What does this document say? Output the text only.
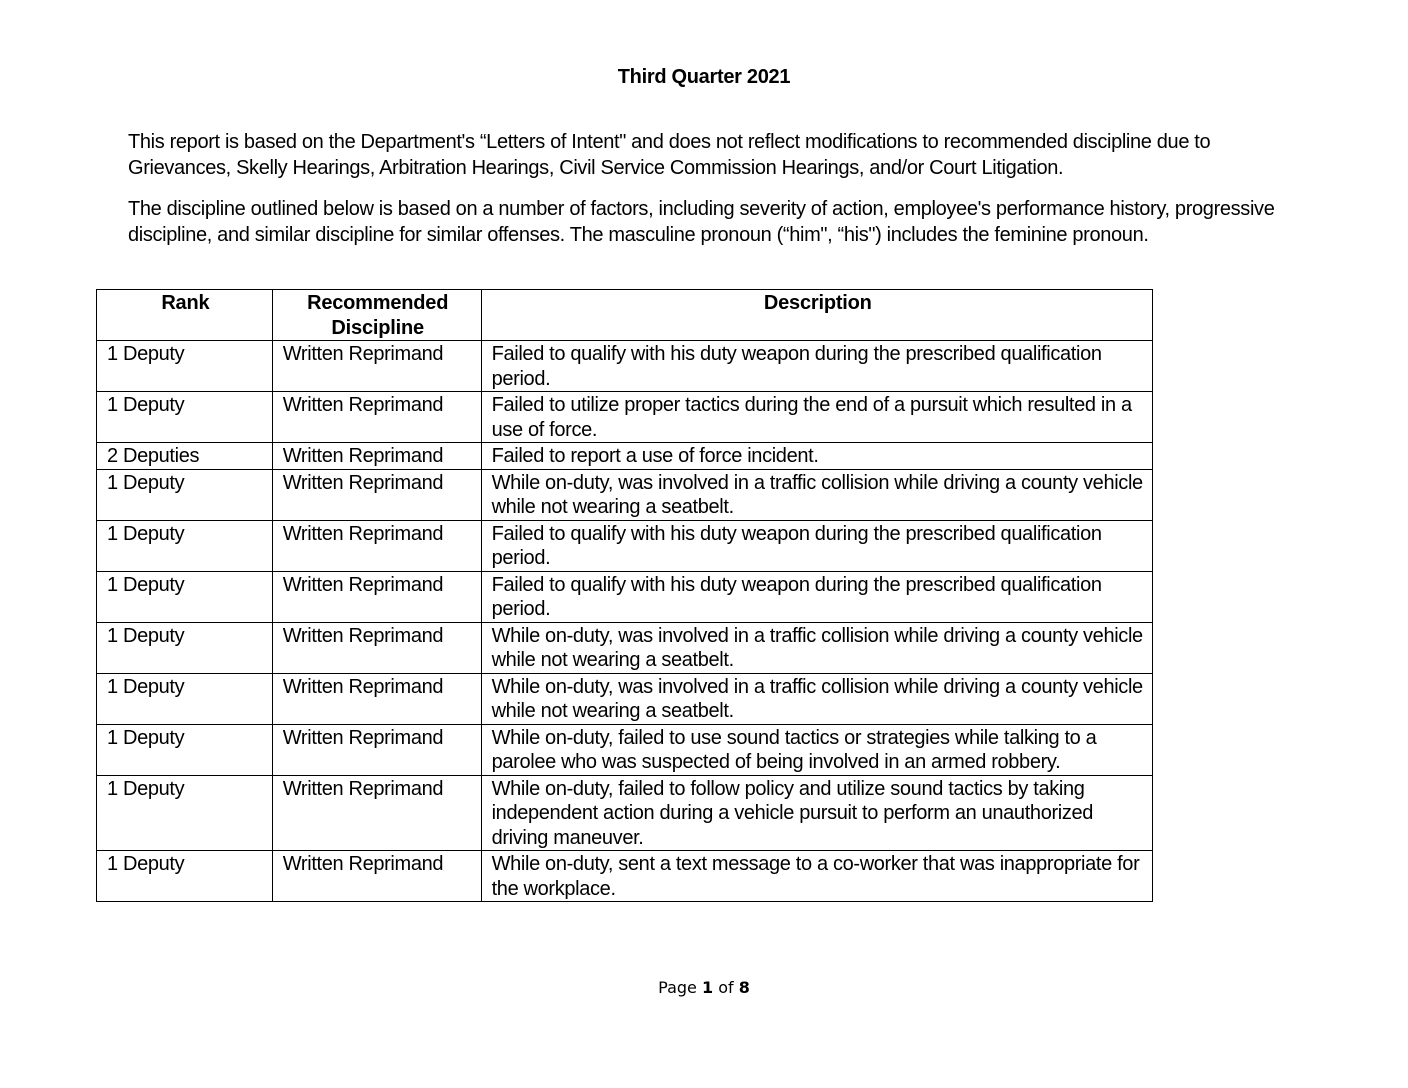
Third Quarter 2021
This report is based on the Department's “Letters of Intent" and does not reflect modifications to recommended discipline due to Grievances, Skelly Hearings, Arbitration Hearings, Civil Service Commission Hearings, and/or Court Litigation.
The discipline outlined below is based on a number of factors, including severity of action, employee's performance history, progressive discipline, and similar discipline for similar offenses. The masculine pronoun (“him", “his") includes the feminine pronoun.
Rank	Recommended Discipline	Description
1 Deputy	Written Reprimand	Failed to qualify with his duty weapon during the prescribed qualification period.
1 Deputy	Written Reprimand	Failed to utilize proper tactics during the end of a pursuit which resulted in a use of force.
2 Deputies	Written Reprimand	Failed to report a use of force incident.
1 Deputy	Written Reprimand	While on-duty, was involved in a traffic collision while driving a county vehicle while not wearing a seatbelt.
1 Deputy	Written Reprimand	Failed to qualify with his duty weapon during the prescribed qualification period.
1 Deputy	Written Reprimand	Failed to qualify with his duty weapon during the prescribed qualification period.
1 Deputy	Written Reprimand	While on-duty, was involved in a traffic collision while driving a county vehicle while not wearing a seatbelt.
1 Deputy	Written Reprimand	While on-duty, was involved in a traffic collision while driving a county vehicle while not wearing a seatbelt.
1 Deputy	Written Reprimand	While on-duty, failed to use sound tactics or strategies while talking to a parolee who was suspected of being involved in an armed robbery.
1 Deputy	Written Reprimand	While on-duty, failed to follow policy and utilize sound tactics by taking independent action during a vehicle pursuit to perform an unauthorized driving maneuver.
1 Deputy	Written Reprimand	While on-duty, sent a text message to a co-worker that was inappropriate for the workplace.
Page 1 of 8
